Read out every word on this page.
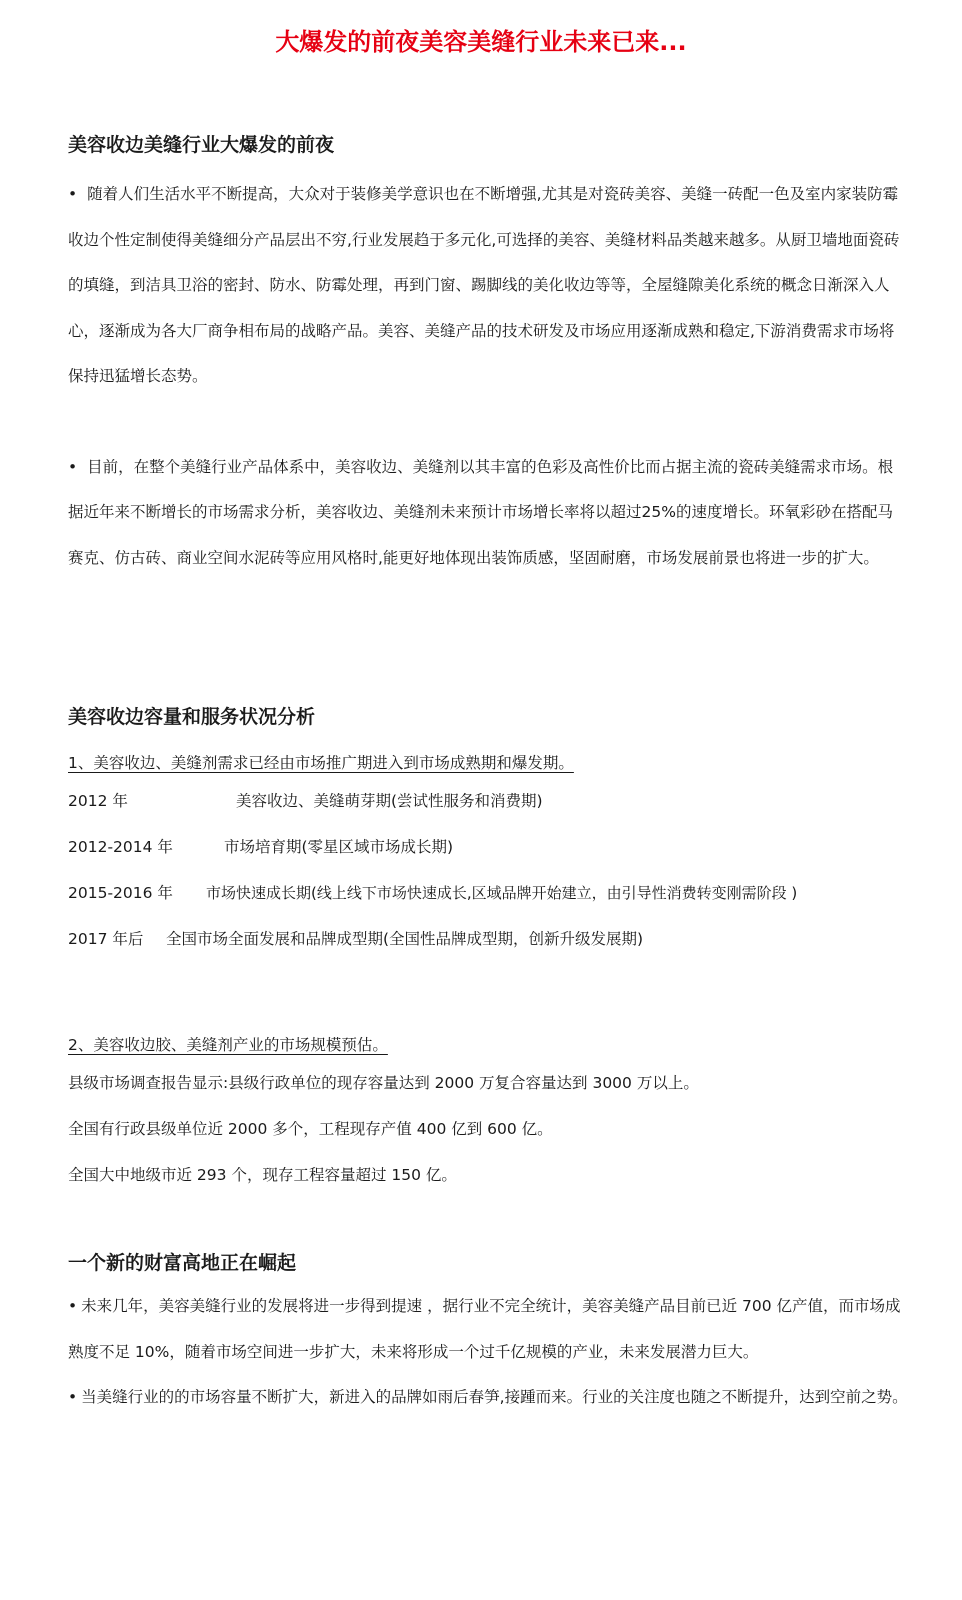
大爆发的前夜美容美缝行业未来已来...
美容收边美缝行业大爆发的前夜

• 随着人们生活水平不断提高，大众对于装修美学意识也在不断增强,尤其是对瓷砖美容、美缝一砖配一色及室内家装防霉收边个性定制使得美缝细分产品层出不穷,行业发展趋于多元化,可选择的美容、美缝材料品类越来越多。从厨卫墙地面瓷砖的填缝，到洁具卫浴的密封、防水、防霉处理，再到门窗、踢脚线的美化收边等等，全屋缝隙美化系统的概念日渐深入人心，逐渐成为各大厂商争相布局的战略产品。美容、美缝产品的技术研发及市场应用逐渐成熟和稳定,下游消费需求市场将保持迅猛增长态势。

• 目前，在整个美缝行业产品体系中，美容收边、美缝剂以其丰富的色彩及高性价比而占据主流的瓷砖美缝需求市场。根据近年来不断增长的市场需求分析，美容收边、美缝剂未来预计市场增长率将以超过25%的速度增长。环氧彩砂在搭配马赛克、仿古砖、商业空间水泥砖等应用风格时,能更好地体现出装饰质感，坚固耐磨，市场发展前景也将进一步的扩大。

美容收边容量和服务状况分析

1、美容收边、美缝剂需求已经由市场推广期进入到市场成熟期和爆发期。

2012 年	美容收边、美缝萌芽期(尝试性服务和消费期)
2012-2014 年	市场培育期(零星区域市场成长期)
2015-2016 年 市场快速成长期(线上线下市场快速成长,区域品牌开始建立，由引导性消费转变刚需阶段 )
2017 年后 全国市场全面发展和品牌成型期(全国性品牌成型期，创新升级发展期)

2、美容收边胶、美缝剂产业的市场规模预估。

县级市场调查报告显示:县级行政单位的现存容量达到 2000 万复合容量达到 3000 万以上。

全国有行政县级单位近 2000 多个，工程现存产值 400 亿到 600 亿。

全国大中地级市近 293 个，现存工程容量超过 150 亿。

一个新的财富高地正在崛起

• 未来几年，美容美缝行业的发展将进一步得到提速 ，据行业不完全统计，美容美缝产品目前已近 700 亿产值，而市场成熟度不足 10%，随着市场空间进一步扩大，未来将形成一个过千亿规模的产业，未来发展潜力巨大。

• 当美缝行业的的市场容量不断扩大，新进入的品牌如雨后春笋,接踵而来。行业的关注度也随之不断提升，达到空前之势。
